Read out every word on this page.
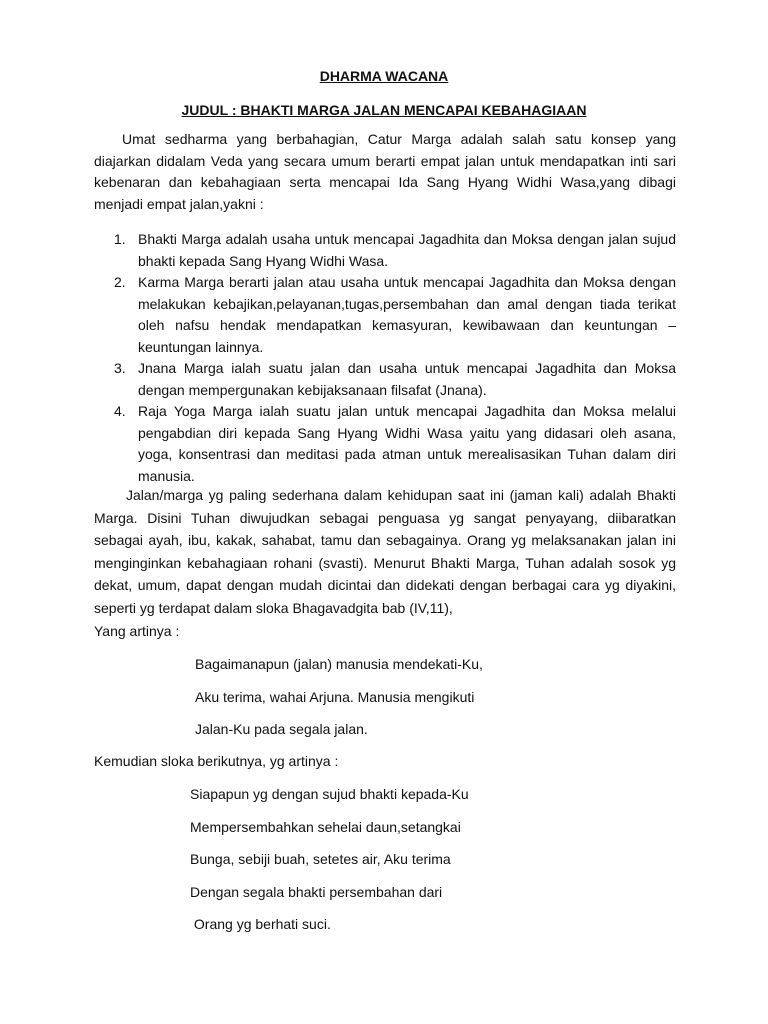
DHARMA WACANA
JUDUL : BHAKTI MARGA JALAN MENCAPAI KEBAHAGIAAN

Umat sedharma yang berbahagian, Catur Marga adalah salah satu konsep yang diajarkan didalam Veda yang secara umum berarti empat jalan untuk mendapatkan inti sari kebenaran dan kebahagiaan serta mencapai Ida Sang Hyang Widhi Wasa,yang dibagi menjadi empat jalan,yakni :

1. Bhakti Marga adalah usaha untuk mencapai Jagadhita dan Moksa dengan jalan sujud bhakti kepada Sang Hyang Widhi Wasa.
2. Karma Marga berarti jalan atau usaha untuk mencapai Jagadhita dan Moksa dengan melakukan kebajikan,pelayanan,tugas,persembahan dan amal dengan tiada terikat oleh nafsu hendak mendapatkan kemasyuran, kewibawaan dan keuntungan – keuntungan lainnya.
3. Jnana Marga ialah suatu jalan dan usaha untuk mencapai Jagadhita dan Moksa dengan mempergunakan kebijaksanaan filsafat (Jnana).
4. Raja Yoga Marga ialah suatu jalan untuk mencapai Jagadhita dan Moksa melalui pengabdian diri kepada Sang Hyang Widhi Wasa yaitu yang didasari oleh asana, yoga, konsentrasi dan meditasi pada atman untuk merealisasikan Tuhan dalam diri manusia.

Jalan/marga yg paling sederhana dalam kehidupan saat ini (jaman kali) adalah Bhakti Marga. Disini Tuhan diwujudkan sebagai penguasa yg sangat penyayang, diibaratkan sebagai ayah, ibu, kakak, sahabat, tamu dan sebagainya. Orang yg melaksanakan jalan ini menginginkan kebahagiaan rohani (svasti). Menurut Bhakti Marga, Tuhan adalah sosok yg dekat, umum, dapat dengan mudah dicintai dan didekati dengan berbagai cara yg diyakini, seperti yg terdapat dalam sloka Bhagavadgita bab (IV,11),

Yang artinya :

Bagaimanapun (jalan) manusia mendekati-Ku,

Aku terima, wahai Arjuna. Manusia mengikuti

Jalan-Ku pada segala jalan.

Kemudian sloka berikutnya, yg artinya :

Siapapun yg dengan sujud bhakti kepada-Ku

Mempersembahkan sehelai daun,setangkai

Bunga, sebiji buah, setetes air, Aku terima

Dengan segala bhakti persembahan dari

Orang yg berhati suci.
